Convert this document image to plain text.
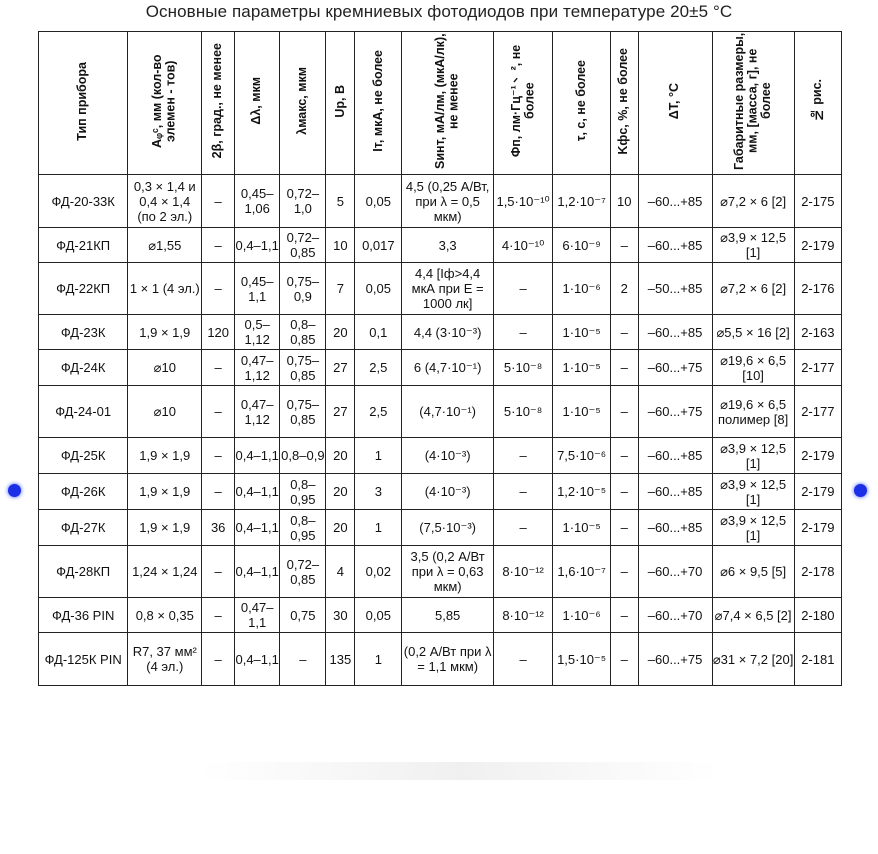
Основные параметры кремниевых фотодиодов при температуре 20±5 °С
Тип прибора	Аᵩᶜ, мм (кол-во элемен - тов)	2β, град., не менее	Δλ, мкм	λмакс, мкм	Uр, В	Iт, мкА, не более	Sинт, мА/лм, (мкА/лк), не менее	Φп, лм·Гц⁻¹ᐟ², не более	τ, с, не более	Kфс, %, не более	ΔT, °С	Габаритные размеры, мм, [масса, г], не более	№ рис.
ФД-20-33К	0,3 × 1,4 и 0,4 × 1,4 (по 2 эл.)	–	0,45–1,06	0,72–1,0	5	0,05	4,5 (0,25 А/Вт, при λ = 0,5 мкм)	1,5·10⁻¹⁰	1,2·10⁻⁷	10	–60...+85	⌀7,2 × 6 [2]	2-175
ФД-21КП	⌀1,55	–	0,4–1,1	0,72–0,85	10	0,017	3,3	4·10⁻¹⁰	6·10⁻⁹	–	–60...+85	⌀3,9 × 12,5 [1]	2-179
ФД-22КП	1 × 1 (4 эл.)	–	0,45–1,1	0,75–0,9	7	0,05	4,4 [Iф>4,4 мкА при E = 1000 лк]	–	1·10⁻⁶	2	–50...+85	⌀7,2 × 6 [2]	2-176
ФД-23К	1,9 × 1,9	120	0,5–1,12	0,8–0,85	20	0,1	4,4 (3·10⁻³)	–	1·10⁻⁵	–	–60...+85	⌀5,5 × 16 [2]	2-163
ФД-24К	⌀10	–	0,47–1,12	0,75–0,85	27	2,5	6 (4,7·10⁻¹)	5·10⁻⁸	1·10⁻⁵	–	–60...+75	⌀19,6 × 6,5 [10]	2-177
ФД-24-01	⌀10	–	0,47–1,12	0,75–0,85	27	2,5	(4,7·10⁻¹)	5·10⁻⁸	1·10⁻⁵	–	–60...+75	⌀19,6 × 6,5 полимер [8]	2-177
ФД-25К	1,9 × 1,9	–	0,4–1,1	0,8–0,9	20	1	(4·10⁻³)	–	7,5·10⁻⁶	–	–60...+85	⌀3,9 × 12,5 [1]	2-179
ФД-26К	1,9 × 1,9	–	0,4–1,1	0,8–0,95	20	3	(4·10⁻³)	–	1,2·10⁻⁵	–	–60...+85	⌀3,9 × 12,5 [1]	2-179
ФД-27К	1,9 × 1,9	36	0,4–1,1	0,8–0,95	20	1	(7,5·10⁻³)	–	1·10⁻⁵	–	–60...+85	⌀3,9 × 12,5 [1]	2-179
ФД-28КП	1,24 × 1,24	–	0,4–1,1	0,72–0,85	4	0,02	3,5 (0,2 А/Вт при λ = 0,63 мкм)	8·10⁻¹²	1,6·10⁻⁷	–	–60...+70	⌀6 × 9,5 [5]	2-178
ФД-36 PIN	0,8 × 0,35	–	0,47–1,1	0,75	30	0,05	5,85	8·10⁻¹²	1·10⁻⁶	–	–60...+70	⌀7,4 × 6,5 [2]	2-180
ФД-125К PIN	R7, 37 мм² (4 эл.)	–	0,4–1,1	–	135	1	(0,2 А/Вт при λ = 1,1 мкм)	–	1,5·10⁻⁵	–	–60...+75	⌀31 × 7,2 [20]	2-181
